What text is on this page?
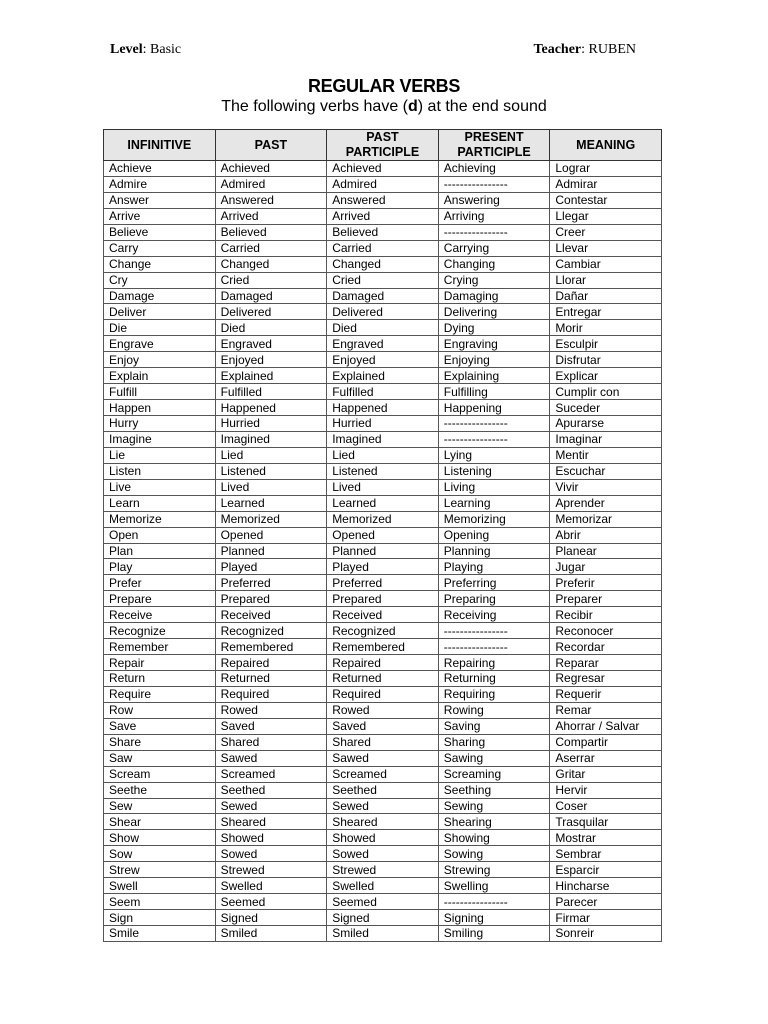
Level: Basic	Teacher: RUBEN
REGULAR VERBS
The following verbs have (d) at the end sound
INFINITIVE	PAST	PAST PARTICIPLE	PRESENT PARTICIPLE	MEANING
Achieve	Achieved	Achieved	Achieving	Lograr
Admire	Admired	Admired	----------------	Admirar
Answer	Answered	Answered	Answering	Contestar
Arrive	Arrived	Arrived	Arriving	Llegar
Believe	Believed	Believed	----------------	Creer
Carry	Carried	Carried	Carrying	Llevar
Change	Changed	Changed	Changing	Cambiar
Cry	Cried	Cried	Crying	Llorar
Damage	Damaged	Damaged	Damaging	Dañar
Deliver	Delivered	Delivered	Delivering	Entregar
Die	Died	Died	Dying	Morir
Engrave	Engraved	Engraved	Engraving	Esculpir
Enjoy	Enjoyed	Enjoyed	Enjoying	Disfrutar
Explain	Explained	Explained	Explaining	Explicar
Fulfill	Fulfilled	Fulfilled	Fulfilling	Cumplir con
Happen	Happened	Happened	Happening	Suceder
Hurry	Hurried	Hurried	----------------	Apurarse
Imagine	Imagined	Imagined	----------------	Imaginar
Lie	Lied	Lied	Lying	Mentir
Listen	Listened	Listened	Listening	Escuchar
Live	Lived	Lived	Living	Vivir
Learn	Learned	Learned	Learning	Aprender
Memorize	Memorized	Memorized	Memorizing	Memorizar
Open	Opened	Opened	Opening	Abrir
Plan	Planned	Planned	Planning	Planear
Play	Played	Played	Playing	Jugar
Prefer	Preferred	Preferred	Preferring	Preferir
Prepare	Prepared	Prepared	Preparing	Preparer
Receive	Received	Received	Receiving	Recibir
Recognize	Recognized	Recognized	----------------	Reconocer
Remember	Remembered	Remembered	----------------	Recordar
Repair	Repaired	Repaired	Repairing	Reparar
Return	Returned	Returned	Returning	Regresar
Require	Required	Required	Requiring	Requerir
Row	Rowed	Rowed	Rowing	Remar
Save	Saved	Saved	Saving	Ahorrar / Salvar
Share	Shared	Shared	Sharing	Compartir
Saw	Sawed	Sawed	Sawing	Aserrar
Scream	Screamed	Screamed	Screaming	Gritar
Seethe	Seethed	Seethed	Seething	Hervir
Sew	Sewed	Sewed	Sewing	Coser
Shear	Sheared	Sheared	Shearing	Trasquilar
Show	Showed	Showed	Showing	Mostrar
Sow	Sowed	Sowed	Sowing	Sembrar
Strew	Strewed	Strewed	Strewing	Esparcir
Swell	Swelled	Swelled	Swelling	Hincharse
Seem	Seemed	Seemed	----------------	Parecer
Sign	Signed	Signed	Signing	Firmar
Smile	Smiled	Smiled	Smiling	Sonreir
